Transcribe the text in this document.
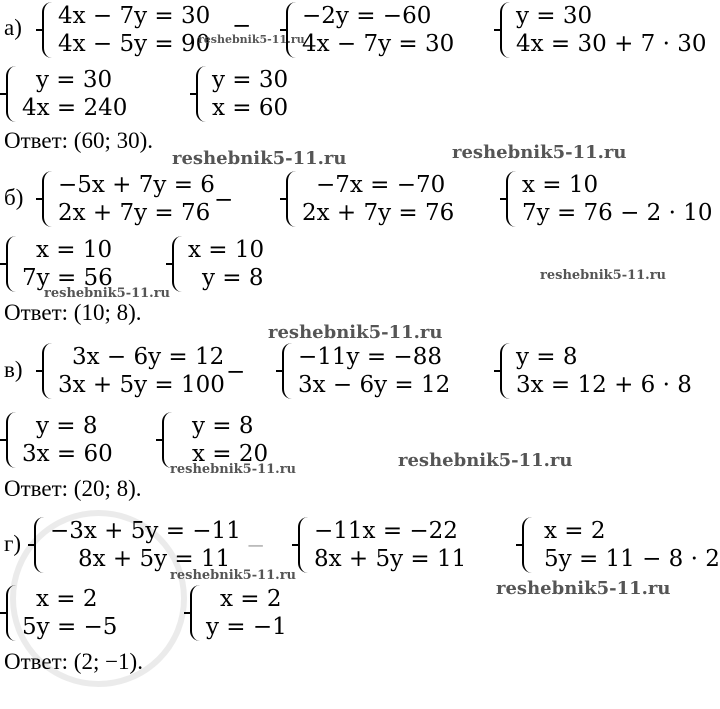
а) 4x − 7y = 30
4x − 5y = 90
− −2y = −60
4x − 7y = 30
y = 30
4x = 30 + 7 · 30
y = 30
4x = 240
y = 30
x = 60
Ответ: (60; 30).
б) −5x + 7y = 6
2x + 7y = 76 −
−7x = −70
2x + 7y = 76
x = 10
7y = 76 − 2 · 10
x = 10
7y = 56
x = 10
y = 8
Ответ: (10; 8).
в)	3x − 6y = 12
3x + 5y = 100 −
−11y = −88
3x − 6y = 12
y = 8
3x = 12 + 6 · 8
y = 8
3x = 60
y = 8
x = 20
Ответ: (20; 8).
г) −3x + 5y = −11
8x + 5y = 11 −
−11x = −22
8x + 5y = 11
x = 2
5y = 11 − 8 · 2
x = 2
5y = −5
x = 2
y = −1
Ответ: (2; −1).
reshebnik5-11.ru
reshebnik5-11.ru	reshebnik5-11.ru
reshebnik5-11.ru
reshebnik5-11.ru
reshebnik5-11.ru
reshebnik5-11.ru
reshebnik5-11.ru
reshebnik5-11.ru
reshebnik5-11.ru
